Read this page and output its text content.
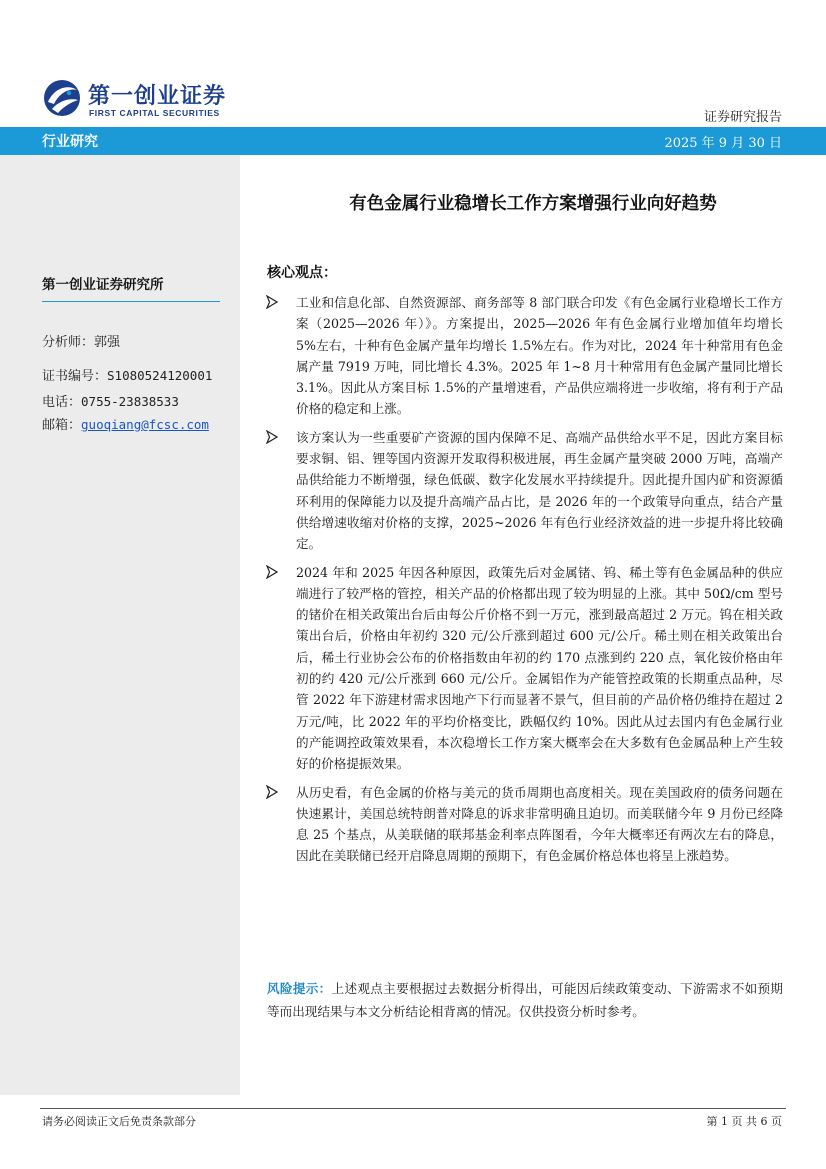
第一创业证券
FIRST CAPITAL SECURITIES	证券研究报告
行业研究	2025 年 9 月 30 日
第一创业证券研究所
分析师：郭强
证书编号：S1080524120001
电话：0755-23838533
邮箱：guoqiang@fcsc.com
有色金属行业稳增长工作方案增强行业向好趋势
核心观点：
工业和信息化部、自然资源部、商务部等 8 部门联合印发《有色金属行业稳增长工作方案（2025—2026 年）》。方案提出，2025—2026 年有色金属行业增加值年均增长 5%左右，十种有色金属产量年均增长 1.5%左右。作为对比，2024 年十种常用有色金属产量 7919 万吨，同比增长 4.3%。2025 年 1~8 月十种常用有色金属产量同比增长 3.1%。因此从方案目标 1.5%的产量增速看，产品供应端将进一步收缩，将有利于产品价格的稳定和上涨。
该方案认为一些重要矿产资源的国内保障不足、高端产品供给水平不足，因此方案目标要求铜、铝、锂等国内资源开发取得积极进展，再生金属产量突破 2000 万吨，高端产品供给能力不断增强，绿色低碳、数字化发展水平持续提升。因此提升国内矿和资源循环利用的保障能力以及提升高端产品占比，是 2026 年的一个政策导向重点，结合产量供给增速收缩对价格的支撑，2025~2026 年有色行业经济效益的进一步提升将比较确定。
2024 年和 2025 年因各种原因，政策先后对金属锗、钨、稀土等有色金属品种的供应端进行了较严格的管控，相关产品的价格都出现了较为明显的上涨。其中 50Ω/cm 型号的锗价在相关政策出台后由每公斤价格不到一万元，涨到最高超过 2 万元。钨在相关政策出台后，价格由年初约 320 元/公斤涨到超过 600 元/公斤。稀土则在相关政策出台后，稀土行业协会公布的价格指数由年初的约 170 点涨到约 220 点，氧化铵价格由年初的约 420 元/公斤涨到 660 元/公斤。金属铝作为产能管控政策的长期重点品种，尽管 2022 年下游建材需求因地产下行而显著不景气，但目前的产品价格仍维持在超过 2 万元/吨，比 2022 年的平均价格变比，跌幅仅约 10%。因此从过去国内有色金属行业的产能调控政策效果看，本次稳增长工作方案大概率会在大多数有色金属品种上产生较好的价格提振效果。
从历史看，有色金属的价格与美元的货币周期也高度相关。现在美国政府的债务问题在快速累计，美国总统特朗普对降息的诉求非常明确且迫切。而美联储今年 9 月份已经降息 25 个基点，从美联储的联邦基金利率点阵图看，今年大概率还有两次左右的降息，因此在美联储已经开启降息周期的预期下，有色金属价格总体也将呈上涨趋势。
风险提示：上述观点主要根据过去数据分析得出，可能因后续政策变动、下游需求不如预期等而出现结果与本文分析结论相背离的情况。仅供投资分析时参考。
请务必阅读正文后免责条款部分	第 1 页 共 6 页
